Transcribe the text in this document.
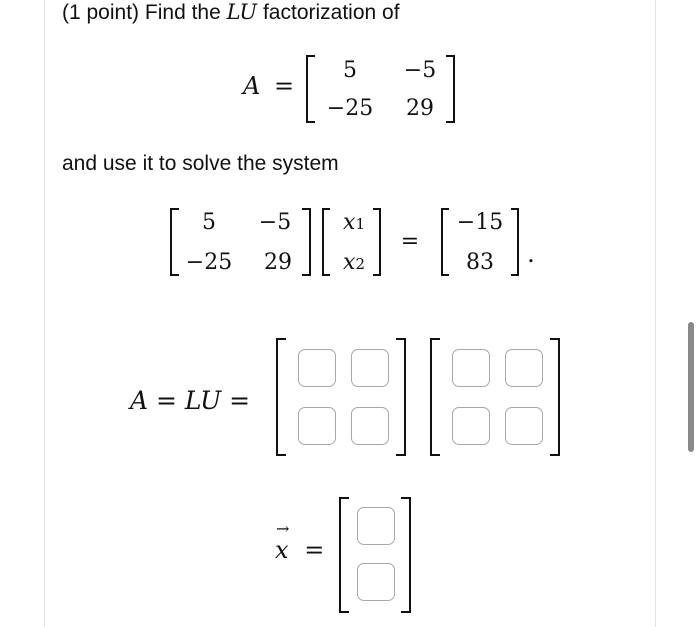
(1 point) Find the LU factorization of
A =
5	−5
−25	29
and use it to solve the system
5	−5
−25	29
x1
x2
=
−15
83	.
A = LU =
→
x =
